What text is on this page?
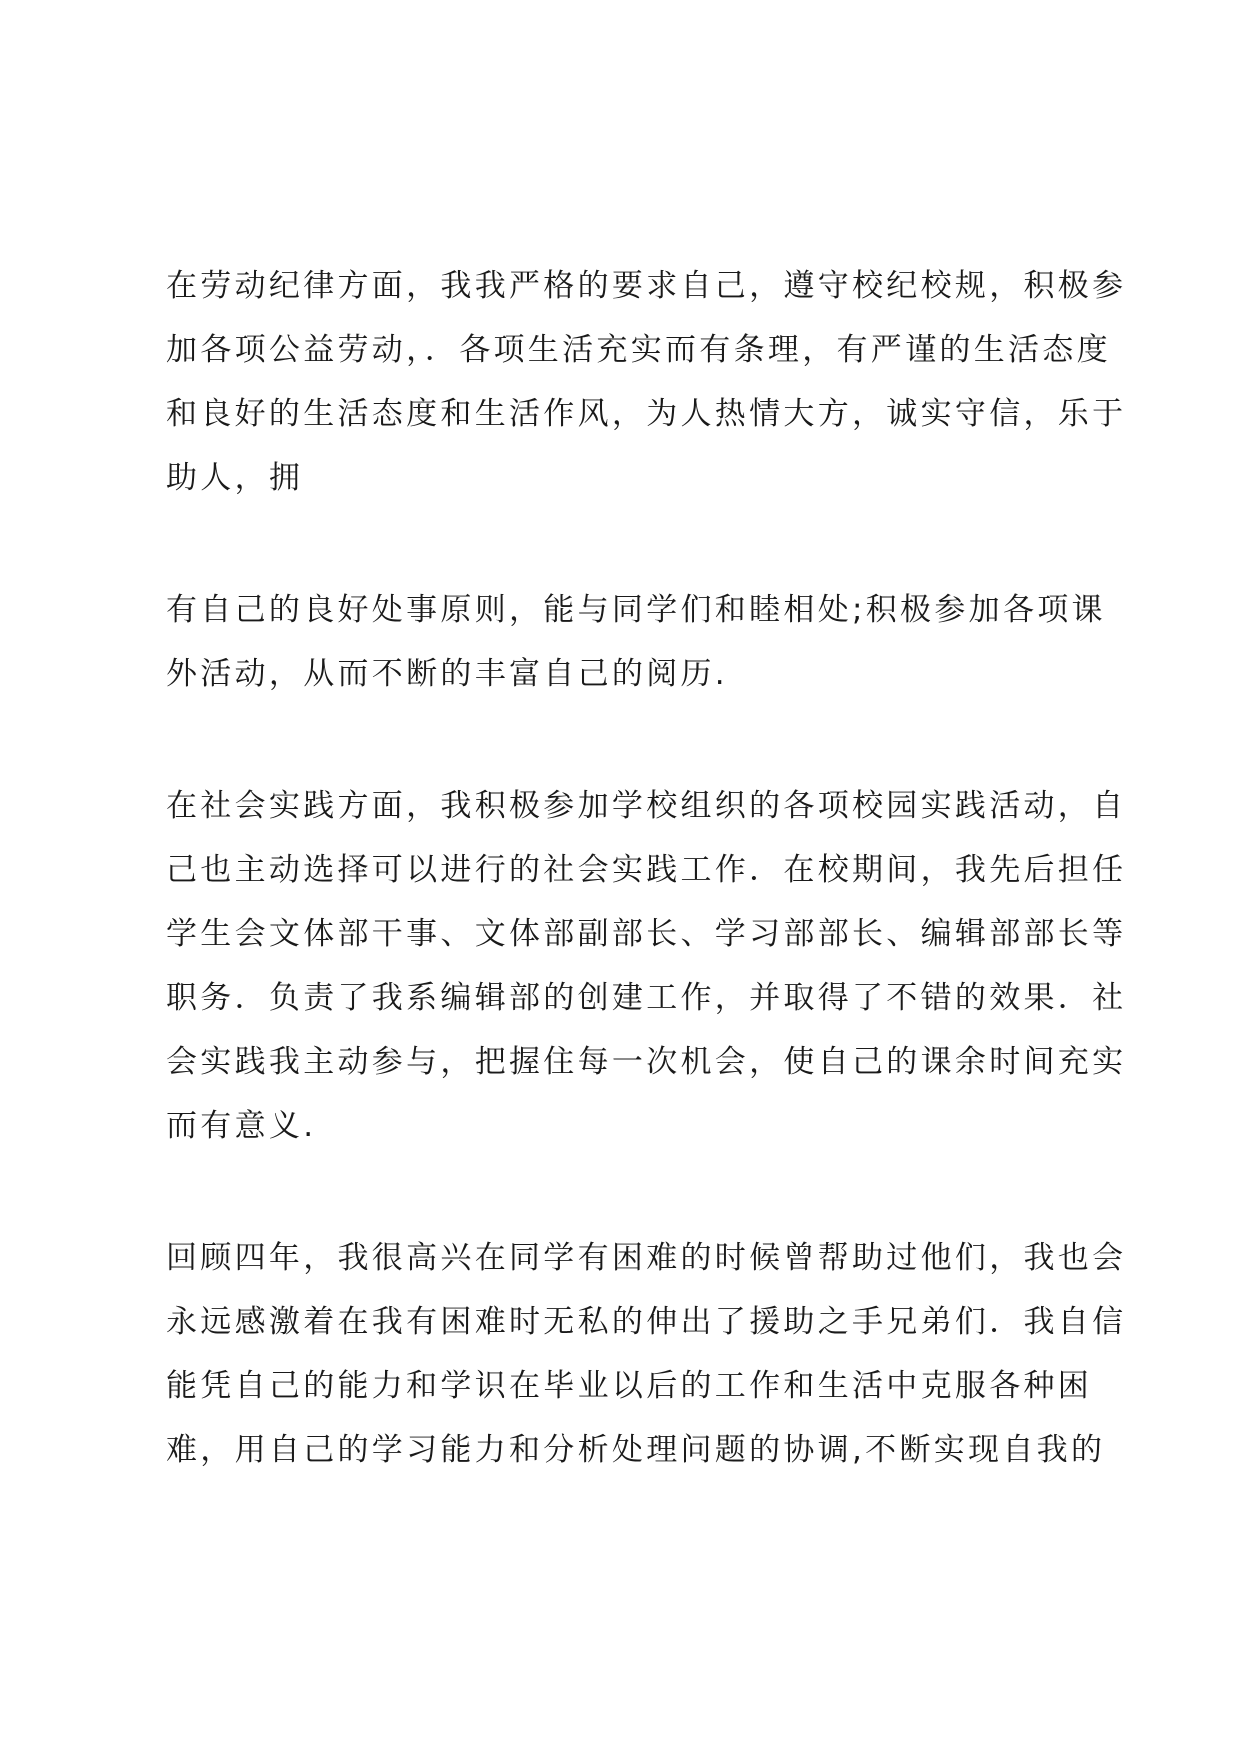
在劳动纪律方面，我我严格的要求自己，遵守校纪校规，积极参
加各项公益劳动，．各项生活充实而有条理，有严谨的生活态度
和良好的生活态度和生活作风，为人热情大方，诚实守信，乐于
助人，拥
有自己的良好处事原则，能与同学们和睦相处;积极参加各项课
外活动，从而不断的丰富自己的阅历.
在社会实践方面，我积极参加学校组织的各项校园实践活动，自
己也主动选择可以进行的社会实践工作．在校期间，我先后担任
学生会文体部干事、文体部副部长、学习部部长、编辑部部长等
职务．负责了我系编辑部的创建工作，并取得了不错的效果．社
会实践我主动参与，把握住每一次机会，使自己的课余时间充实
而有意义.
回顾四年，我很高兴在同学有困难的时候曾帮助过他们，我也会
永远感激着在我有困难时无私的伸出了援助之手兄弟们．我自信
能凭自己的能力和学识在毕业以后的工作和生活中克服各种困
难，用自己的学习能力和分析处理问题的协调,不断实现自我的
